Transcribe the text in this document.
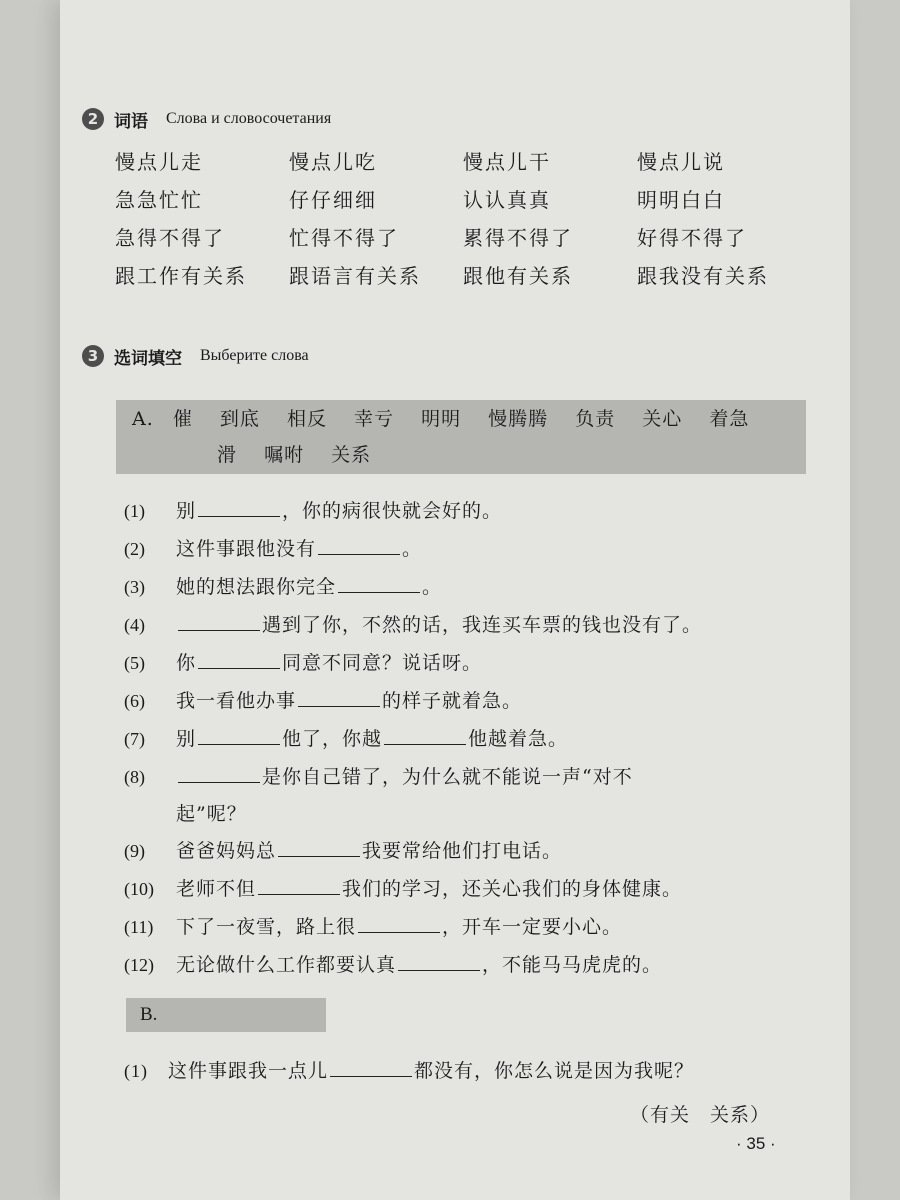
2 词语 Слова и словосочетания
慢点儿走	慢点儿吃	慢点儿干	慢点儿说
急急忙忙	仔仔细细	认认真真	明明白白
急得不得了	忙得不得了	累得不得了	好得不得了
跟工作有关系	跟语言有关系	跟他有关系	跟我没有关系
3 选词填空 Выберите слова
A. 催 到底 相反 幸亏 明明 慢腾腾 负责 关心 着急
滑 嘱咐 关系
(1)	别	，你的病很快就会好的。
(2)	这件事跟他没有	。
(3)	她的想法跟你完全	。
(4)	遇到了你，不然的话，我连买车票的钱也没有了。
(5)	你	同意不同意？说话呀。
(6)	我一看他办事	的样子就着急。
(7)	别	他了，你越	他越着急。
(8)	是你自己错了，为什么就不能说一声“对不
起”呢？
(9)	爸爸妈妈总	我要常给他们打电话。
(10)	老师不但	我们的学习，还关心我们的身体健康。
(11)	下了一夜雪，路上很	，开车一定要小心。
(12)	无论做什么工作都要认真	，不能马马虎虎的。
B.
(1)	这件事跟我一点儿	都没有，你怎么说是因为我呢？
（有关 关系）
· 35 ·
